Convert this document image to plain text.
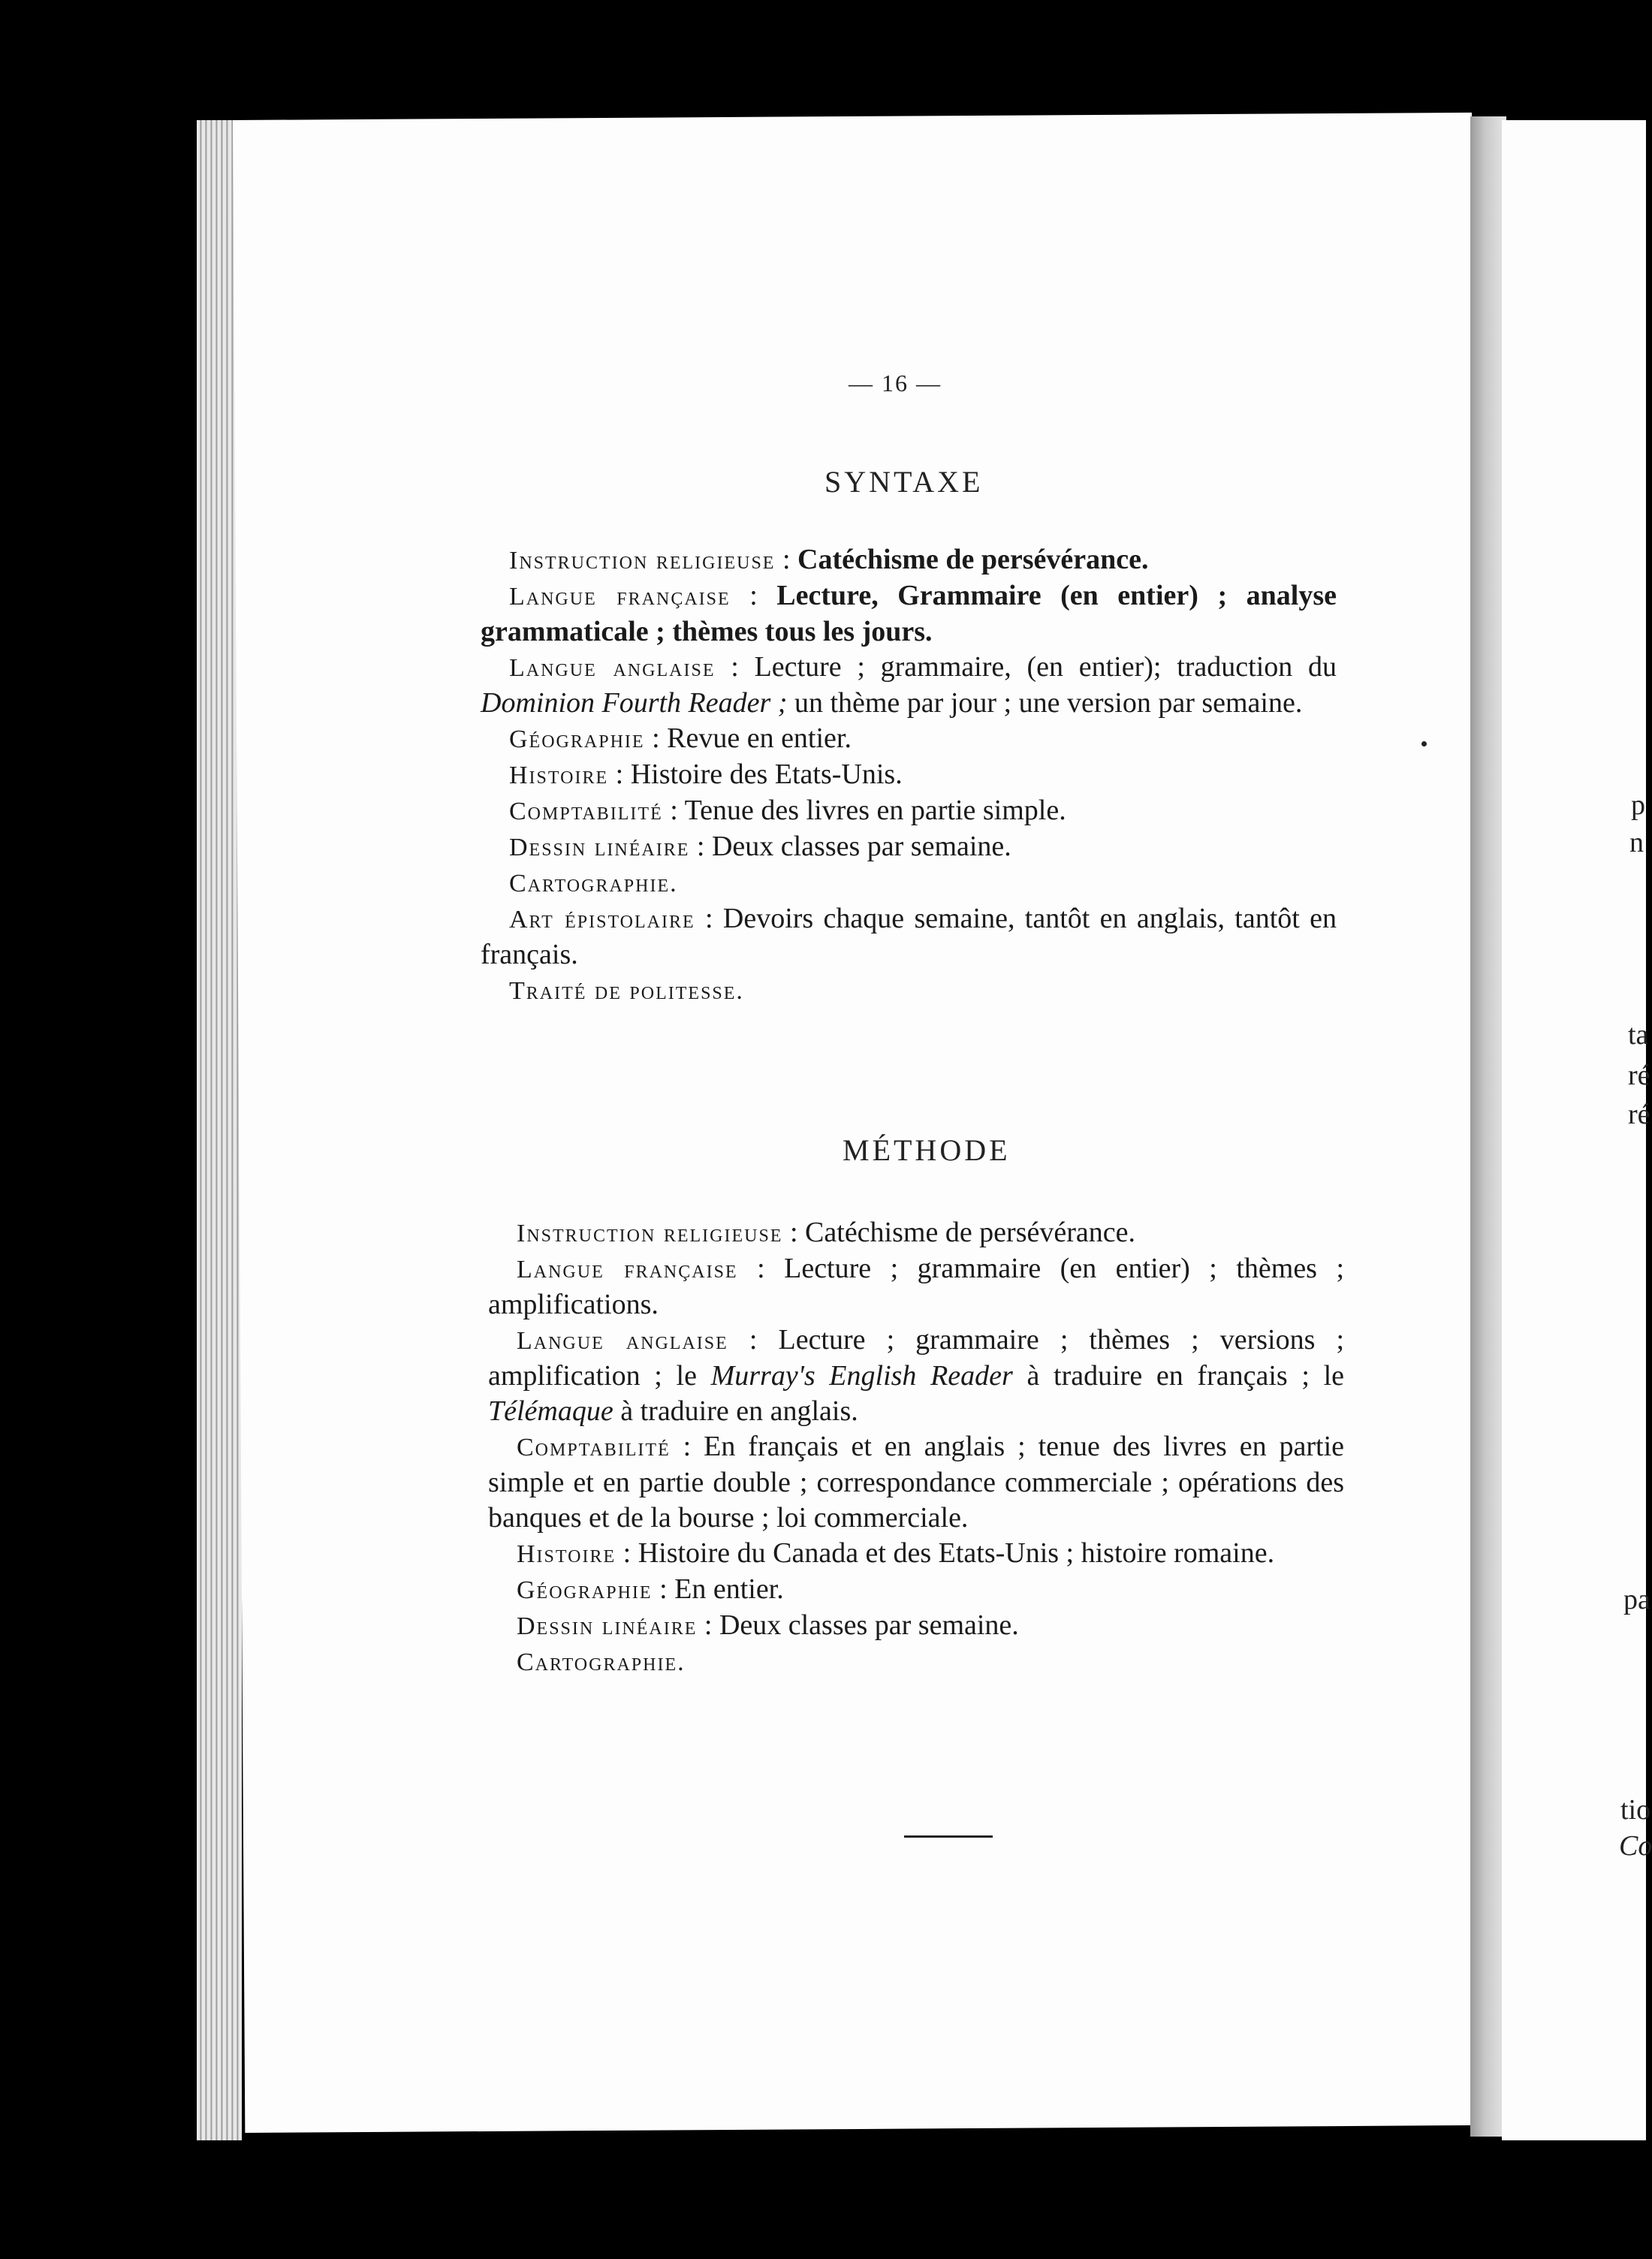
p
n
ta
ré
ré
pa
tio
Co
— 16 —
SYNTAXE

Instruction religieuse : Catéchisme de persévérance.

Langue française : Lecture, Grammaire (en entier) ; analyse grammaticale ; thèmes tous les jours.

Langue anglaise : Lecture ; grammaire, (en entier); traduction du Dominion Fourth Reader ; un thème par jour ; une version par semaine.

Géographie : Revue en entier.

Histoire : Histoire des Etats-Unis.

Comptabilité : Tenue des livres en partie simple.

Dessin linéaire : Deux classes par semaine.

Cartographie.

Art épistolaire : Devoirs chaque semaine, tantôt en anglais, tantôt en français.

Traité de politesse.

MÉTHODE

Instruction religieuse : Catéchisme de persévérance.

Langue française : Lecture ; grammaire (en entier) ; thèmes ; amplifications.

Langue anglaise : Lecture ; grammaire ; thèmes ; versions ; amplification ; le Murray's English Reader à traduire en français ; le Télémaque à traduire en anglais.

Comptabilité : En français et en anglais ; tenue des livres en partie simple et en partie double ; correspondance commerciale ; opérations des banques et de la bourse ; loi commerciale.

Histoire : Histoire du Canada et des Etats-Unis ; histoire romaine.

Géographie : En entier.

Dessin linéaire : Deux classes par semaine.

Cartographie.
